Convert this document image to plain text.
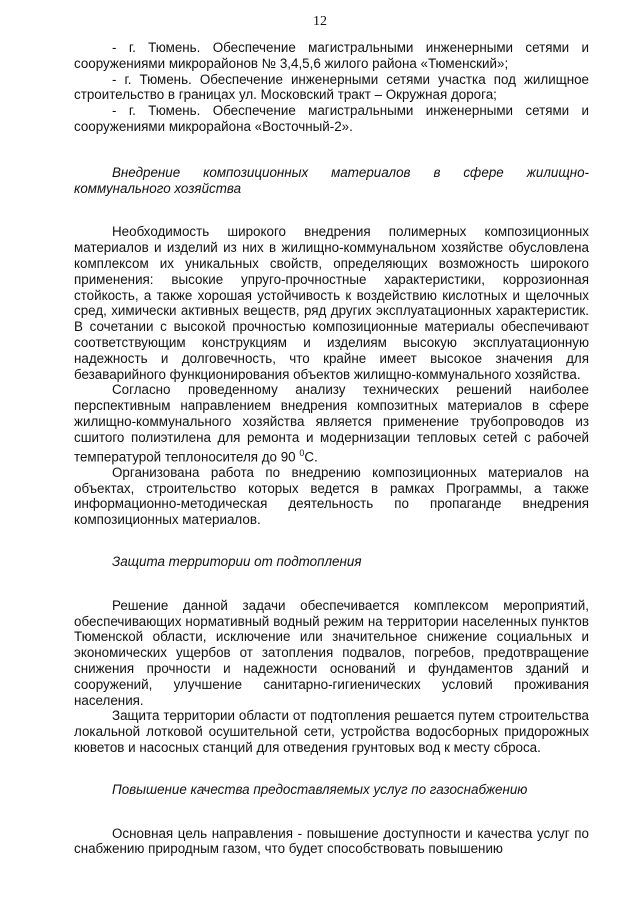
12

- г. Тюмень. Обеспечение магистральными инженерными сетями и сооружениями микрорайонов № 3,4,5,6 жилого района «Тюменский»;

- г. Тюмень. Обеспечение инженерными сетями участка под жилищное строительство в границах ул. Московский тракт – Окружная дорога;

- г. Тюмень. Обеспечение магистральными инженерными сетями и сооружениями микрорайона «Восточный-2».

Внедрение композиционных материалов в сфере жилищно-коммунального хозяйства

Необходимость широкого внедрения полимерных композиционных материалов и изделий из них в жилищно-коммунальном хозяйстве обусловлена комплексом их уникальных свойств, определяющих возможность широкого применения: высокие упруго-прочностные характеристики, коррозионная стойкость, а также хорошая устойчивость к воздействию кислотных и щелочных сред, химически активных веществ, ряд других эксплуатационных характеристик. В сочетании с высокой прочностью композиционные материалы обеспечивают соответствующим конструкциям и изделиям высокую эксплуатационную надежность и долговечность, что крайне имеет высокое значения для безаварийного функционирования объектов жилищно-коммунального хозяйства.

Согласно проведенному анализу технических решений наиболее перспективным направлением внедрения композитных материалов в сфере жилищно-коммунального хозяйства является применение трубопроводов из сшитого полиэтилена для ремонта и модернизации тепловых сетей с рабочей температурой теплоносителя до 90 $^0$С.

Организована работа по внедрению композиционных материалов на объектах, строительство которых ведется в рамках Программы, а также информационно-методическая деятельность по пропаганде внедрения композиционных материалов.

Защита территории от подтопления

Решение данной задачи обеспечивается комплексом мероприятий, обеспечивающих нормативный водный режим на территории населенных пунктов Тюменской области, исключение или значительное снижение социальных и экономических ущербов от затопления подвалов, погребов, предотвращение снижения прочности и надежности оснований и фундаментов зданий и сооружений, улучшение санитарно-гигиенических условий проживания населения.

Защита территории области от подтопления решается путем строительства локальной лотковой осушительной сети, устройства водосборных придорожных кюветов и насосных станций для отведения грунтовых вод к месту сброса.

Повышение качества предоставляемых услуг по газоснабжению

Основная цель направления - повышение доступности и качества услуг по снабжению природным газом, что будет способствовать повышению
